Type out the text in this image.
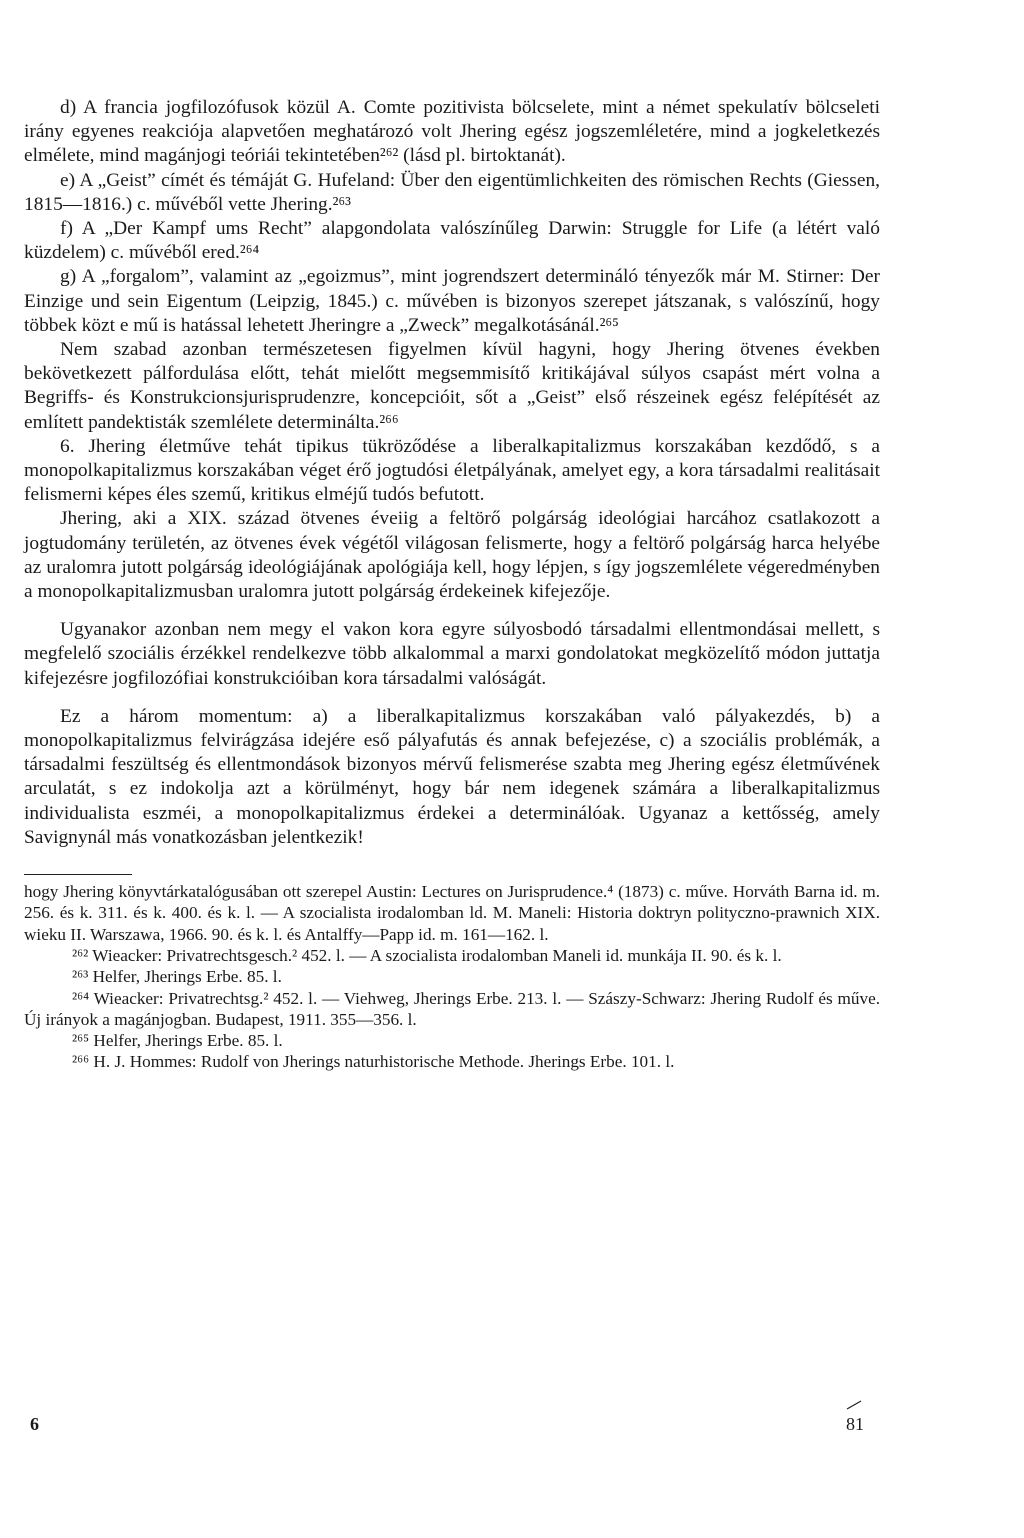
d) A francia jogfilozófusok közül A. Comte pozitivista bölcselete, mint a német spekulatív bölcseleti irány egyenes reakciója alapvetően meghatározó volt Jhering egész jogszemléletére, mind a jogkeletkezés elmélete, mind magánjogi teóriái tekintetében²⁶² (lásd pl. birtoktanát).

e) A „Geist” címét és témáját G. Hufeland: Über den eigentümlichkeiten des römischen Rechts (Giessen, 1815—1816.) c. művéből vette Jhering.²⁶³

f) A „Der Kampf ums Recht” alapgondolata valószínűleg Darwin: Struggle for Life (a létért való küzdelem) c. művéből ered.²⁶⁴

g) A „forgalom”, valamint az „egoizmus”, mint jogrendszert determináló tényezők már M. Stirner: Der Einzige und sein Eigentum (Leipzig, 1845.) c. művében is bizonyos szerepet játszanak, s valószínű, hogy többek közt e mű is hatással lehetett Jheringre a „Zweck” megalkotásánál.²⁶⁵

Nem szabad azonban természetesen figyelmen kívül hagyni, hogy Jhering ötvenes években bekövetkezett pálfordulása előtt, tehát mielőtt megsemmisítő kritikájával súlyos csapást mért volna a Begriffs- és Konstrukcionsjurisprudenzre, koncepcióit, sőt a „Geist” első részeinek egész felépítését az említett pandektisták szemlélete determinálta.²⁶⁶

6. Jhering életműve tehát tipikus tükröződése a liberalkapitalizmus korszakában kezdődő, s a monopolkapitalizmus korszakában véget érő jogtudósi életpályának, amelyet egy, a kora társadalmi realitásait felismerni képes éles szemű, kritikus elméjű tudós befutott.

Jhering, aki a XIX. század ötvenes éveiig a feltörő polgárság ideológiai harcához csatlakozott a jogtudomány területén, az ötvenes évek végétől világosan felismerte, hogy a feltörő polgárság harca helyébe az uralomra jutott polgárság ideológiájának apológiája kell, hogy lépjen, s így jogszemlélete végeredményben a monopolkapitalizmusban uralomra jutott polgárság érdekeinek kifejezője.

Ugyanakor azonban nem megy el vakon kora egyre súlyosbodó társadalmi ellentmondásai mellett, s megfelelő szociális érzékkel rendelkezve több alkalommal a marxi gondolatokat megközelítő módon juttatja kifejezésre jogfilozófiai konstrukcióiban kora társadalmi valóságát.

Ez a három momentum: a) a liberalkapitalizmus korszakában való pályakezdés, b) a monopolkapitalizmus felvirágzása idejére eső pályafutás és annak befejezése, c) a szociális problémák, a társadalmi feszültség és ellentmondások bizonyos mérvű felismerése szabta meg Jhering egész életművének arculatát, s ez indokolja azt a körülményt, hogy bár nem idegenek számára a liberalkapitalizmus individualista eszméi, a monopolkapitalizmus érdekei a determinálóak. Ugyanaz a kettősség, amely Savignynál más vonatkozásban jelentkezik!

hogy Jhering könyvtárkatalógusában ott szerepel Austin: Lectures on Jurisprudence.⁴ (1873) c. műve. Horváth Barna id. m. 256. és k. 311. és k. 400. és k. l. — A szocialista irodalomban ld. M. Maneli: Historia doktryn polityczno-prawnich XIX. wieku II. Warszawa, 1966. 90. és k. l. és Antalffy—Papp id. m. 161—162. l.

²⁶² Wieacker: Privatrechtsgesch.² 452. l. — A szocialista irodalomban Maneli id. munkája II. 90. és k. l.

²⁶³ Helfer, Jherings Erbe. 85. l.

²⁶⁴ Wieacker: Privatrechtsg.² 452. l. — Viehweg, Jherings Erbe. 213. l. — Szászy-Schwarz: Jhering Rudolf és műve. Új irányok a magánjogban. Budapest, 1911. 355—356. l.

²⁶⁵ Helfer, Jherings Erbe. 85. l.

²⁶⁶ H. J. Hommes: Rudolf von Jherings naturhistorische Methode. Jherings Erbe. 101. l.

6	81
